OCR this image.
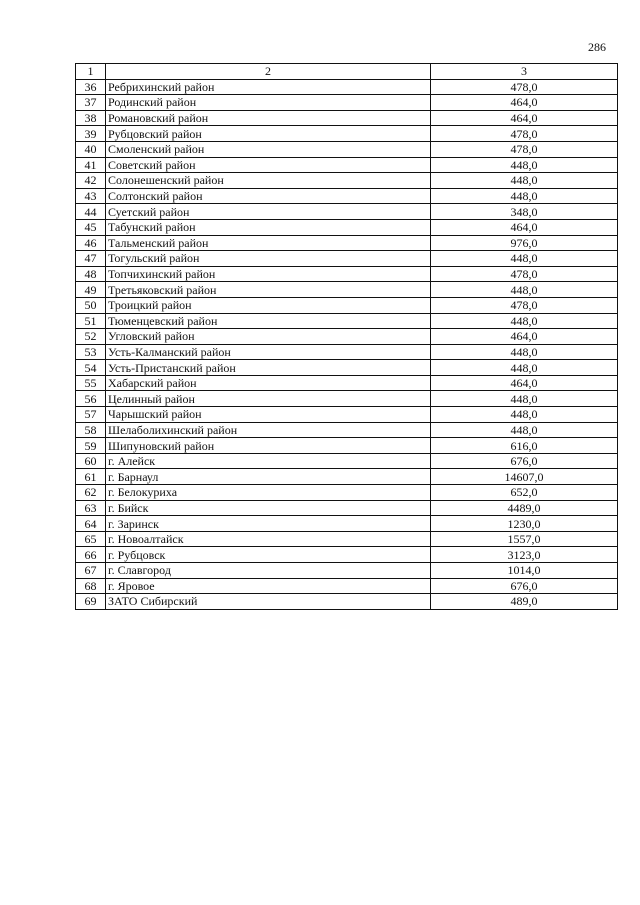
286
1	2	3
36	Ребрихинский район	478,0
37	Родинский район	464,0
38	Романовский район	464,0
39	Рубцовский район	478,0
40	Смоленский район	478,0
41	Советский район	448,0
42	Солонешенский район	448,0
43	Солтонский район	448,0
44	Суетский район	348,0
45	Табунский район	464,0
46	Тальменский район	976,0
47	Тогульский район	448,0
48	Топчихинский район	478,0
49	Третьяковский район	448,0
50	Троицкий район	478,0
51	Тюменцевский район	448,0
52	Угловский район	464,0
53	Усть-Калманский район	448,0
54	Усть-Пристанский район	448,0
55	Хабарский район	464,0
56	Целинный район	448,0
57	Чарышский район	448,0
58	Шелаболихинский район	448,0
59	Шипуновский район	616,0
60	г. Алейск	676,0
61	г. Барнаул	14607,0
62	г. Белокуриха	652,0
63	г. Бийск	4489,0
64	г. Заринск	1230,0
65	г. Новоалтайск	1557,0
66	г. Рубцовск	3123,0
67	г. Славгород	1014,0
68	г. Яровое	676,0
69	ЗАТО Сибирский	489,0
